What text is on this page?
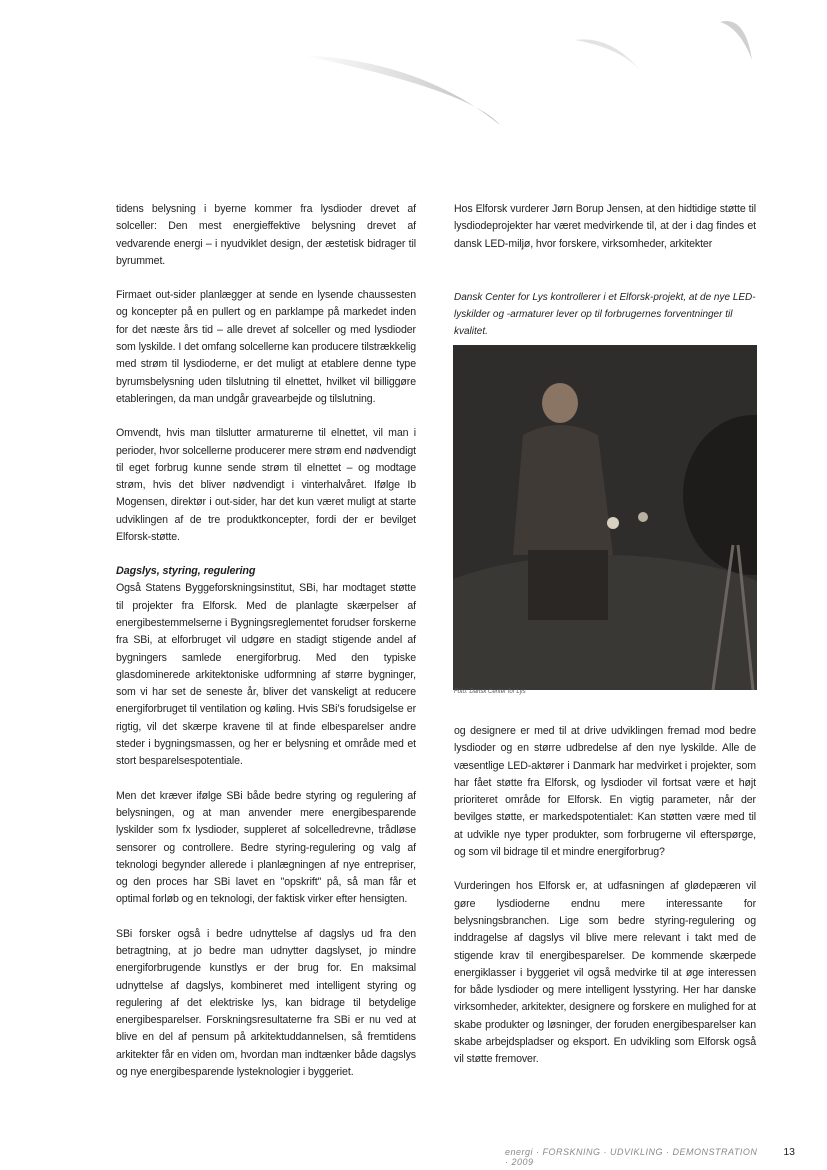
tidens belysning i byerne kommer fra lysdioder drevet af solceller: Den mest energieffektive belysning drevet af vedvarende energi – i nyudviklet design, der æstetisk bidrager til byrummet.

Firmaet out-sider planlægger at sende en lysende chaussesten og koncepter på en pullert og en parklampe på markedet inden for det næste års tid – alle drevet af solceller og med lysdioder som lyskilde. I det omfang solcellerne kan producere tilstrækkelig med strøm til lysdioderne, er det muligt at etablere denne type byrumsbelysning uden tilslutning til elnettet, hvilket vil billiggøre etableringen, da man undgår gravearbejde og tilslutning.

Omvendt, hvis man tilslutter armaturerne til elnettet, vil man i perioder, hvor solcellerne producerer mere strøm end nødvendigt til eget forbrug kunne sende strøm til elnettet – og modtage strøm, hvis det bliver nødvendigt i vinterhalvåret. Ifølge Ib Mogensen, direktør i out-sider, har det kun været muligt at starte udviklingen af de tre produktkoncepter, fordi der er bevilget Elforsk-støtte.

Dagslys, styring, regulering

Også Statens Byggeforskningsinstitut, SBi, har modtaget støtte til projekter fra Elforsk. Med de planlagte skærpelser af energibestemmelserne i Bygningsreglementet forudser forskerne fra SBi, at elforbruget vil udgøre en stadigt stigende andel af bygningers samlede energiforbrug. Med den typiske glasdominerede arkitektoniske udformning af større bygninger, som vi har set de seneste år, bliver det vanskeligt at reducere energiforbruget til ventilation og køling. Hvis SBi’s forudsigelse er rigtig, vil det skærpe kravene til at finde elbesparelser andre steder i bygningsmassen, og her er belysning et område med et stort besparelsespotentiale.

Men det kræver ifølge SBi både bedre styring og regulering af belysningen, og at man anvender mere energibesparende lyskilder som fx lysdioder, suppleret af solcelledrevne, trådløse sensorer og controllere. Bedre styring-regulering og valg af teknologi begynder allerede i planlægningen af nye entrepriser, og den proces har SBi lavet en "opskrift" på, så man får et optimal forløb og en teknologi, der faktisk virker efter hensigten.

SBi forsker også i bedre udnyttelse af dagslys ud fra den betragtning, at jo bedre man udnytter dagslyset, jo mindre energiforbrugende kunstlys er der brug for. En maksimal udnyttelse af dagslys, kombineret med intelligent styring og regulering af det elektriske lys, kan bidrage til betydelige energibesparelser. Forskningsresultaterne fra SBi er nu ved at blive en del af pensum på arkitektuddannelsen, så fremtidens arkitekter får en viden om, hvordan man indtænker både dagslys og nye energibesparende lysteknologier i byggeriet.

Hos Elforsk vurderer Jørn Borup Jensen, at den hidtidige støtte til lysdiodeprojekter har været medvirkende til, at der i dag findes et dansk LED-miljø, hvor forskere, virksomheder, arkitekter

Dansk Center for Lys kontrollerer i et Elforsk-projekt, at de nye LED-lyskilder og -armaturer lever op til forbrugernes forventninger til kvalitet.

Foto: Dansk Center for Lys

og designere er med til at drive udviklingen fremad mod bedre lysdioder og en større udbredelse af den nye lyskilde. Alle de væsentlige LED-aktører i Danmark har medvirket i projekter, som har fået støtte fra Elforsk, og lysdioder vil fortsat være et højt prioriteret område for Elforsk. En vigtig parameter, når der bevilges støtte, er markedspotentialet: Kan støtten være med til at udvikle nye typer produkter, som forbrugerne vil efterspørge, og som vil bidrage til et mindre energiforbrug?

Vurderingen hos Elforsk er, at udfasningen af glødepæren vil gøre lysdioderne endnu mere interessante for belysningsbranchen. Lige som bedre styring-regulering og inddragelse af dagslys vil blive mere relevant i takt med de stigende krav til energibesparelser. De kommende skærpede energiklasser i byggeriet vil også medvirke til at øge interessen for både lysdioder og mere intelligent lysstyring. Her har danske virksomheder, arkitekter, designere og forskere en mulighed for at skabe produkter og løsninger, der foruden energibesparelser kan skabe arbejdspladser og eksport. En udvikling som Elforsk også vil støtte fremover.

energi · FORSKNING · UDVIKLING · DEMONSTRATION · 2009
13
